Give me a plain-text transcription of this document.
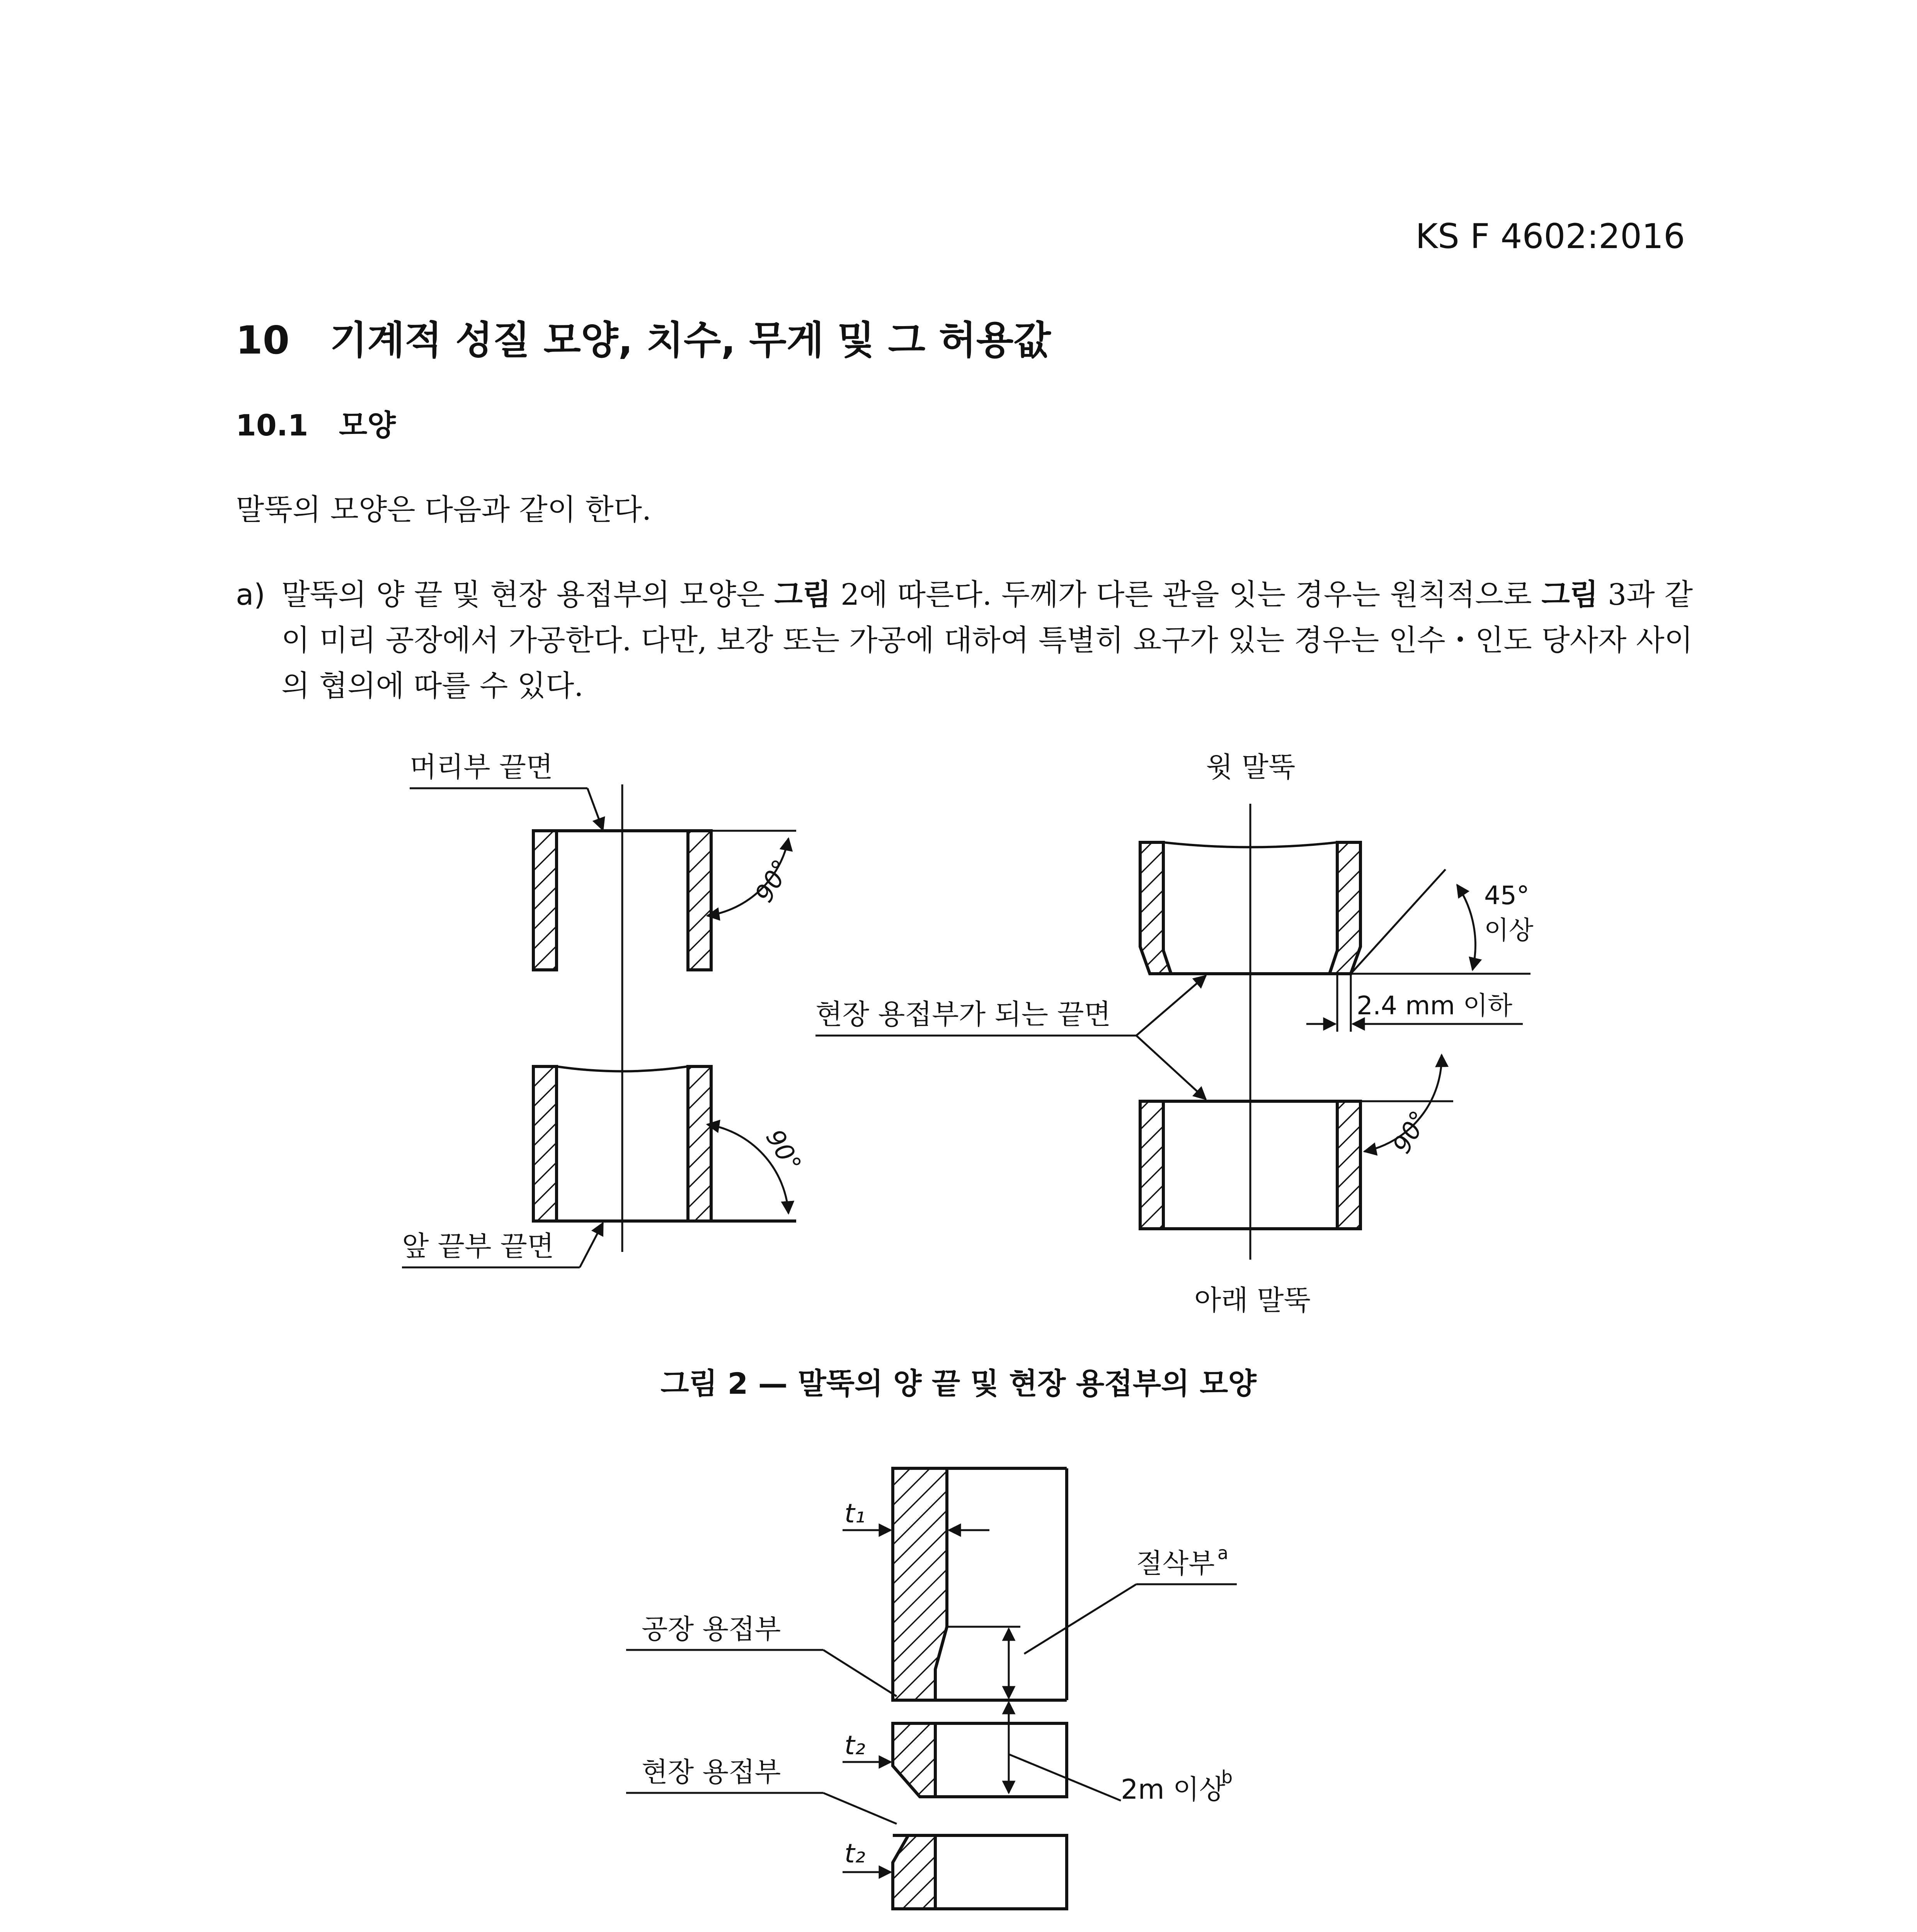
KS F 4602:2016
10 기계적 성질 모양, 치수, 무게 및 그 허용값
10.1 모양
말뚝의 모양은 다음과 같이 한다.
a) 말뚝의 양 끝 및 현장 용접부의 모양은 그림 2에 따른다. 두께가 다른 관을 잇는 경우는 원칙적으로 그림 3과 같이 미리 공장에서 가공한다. 다만, 보강 또는 가공에 대하여 특별히 요구가 있는 경우는 인수・인도 당사자 사이의 협의에 따를 수 있다.
머리부 끝면
90°
90°
앞 끝부 끝면
윗 말뚝
45°
이상
2.4 mm 이하
현장 용접부가 되는 끝면
90°
아래 말뚝
그림 2 — 말뚝의 양 끝 및 현장 용접부의 모양
t₁
절삭부 a
공장 용접부
t₂
현장 용접부
2m 이상
b
t₂
